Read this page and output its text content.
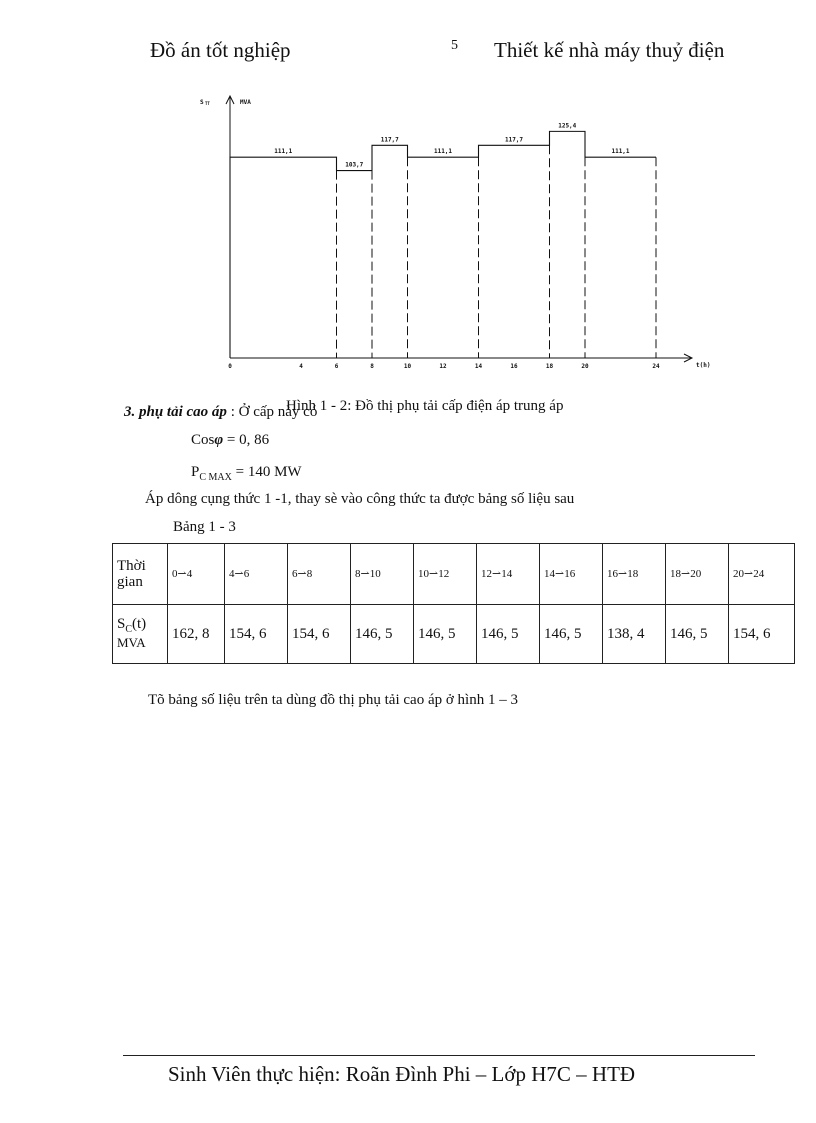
Đồ án tốt nghiệp	5 Thiết kế nhà máy thuỷ điện
S TT	MVA
t(h)
111,1
103,7
117,7
111,1
117,7
125,4
111,1
0	4	6	8	10	12	14	16	18	20	24
Hình 1 - 2: Đồ thị phụ tải cấp điện áp trung áp
3. phụ tải cao áp : Ở cấp này có
Cosφ = 0, 86
$P_{C MAX} = 140$ MW
Áp dông cụng thức 1 -1, thay sè vào công thức ta được bảng số liệu sau
Bảng 1 - 3
Thời gian	0⇀4	4⇀6	6⇀8	8⇀10	10⇀12	12⇀14	14⇀16	16⇀18	18⇀20	20⇀24
$S_C(t)$
MVA	162, 8	154, 6	154, 6	146, 5	146, 5	146, 5	146, 5	138, 4	146, 5	154, 6
Tõ bảng số liệu trên ta dùng đồ thị phụ tải cao áp ở hình 1 – 3
Sinh Viên thực hiện: Roãn Đình Phi – Lớp H7C – HTĐ
